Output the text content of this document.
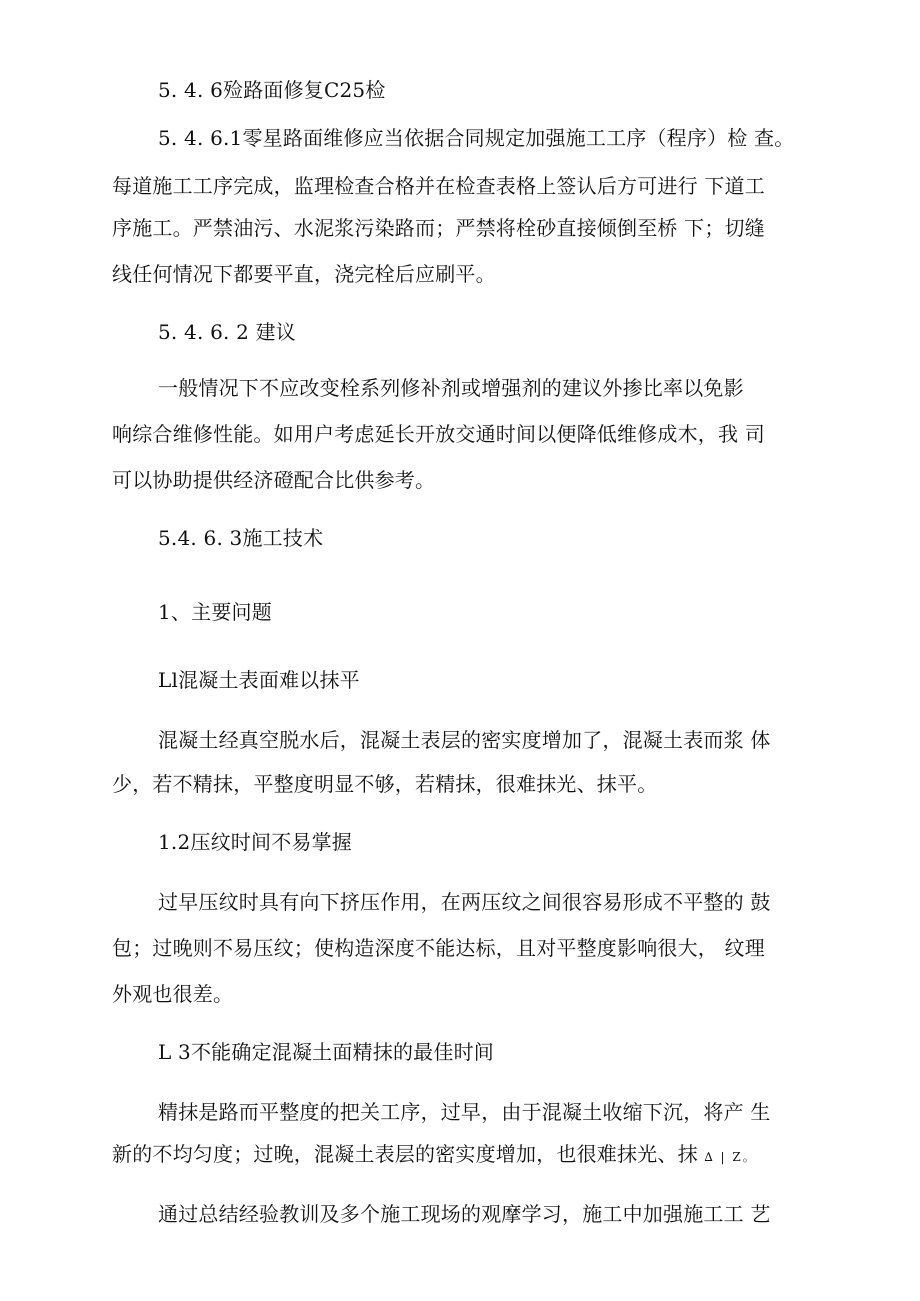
5. 4. 6殓路面修复C25检
5. 4. 6.1零星路面维修应当依据合同规定加强施工工序（程序）检 查。
每道施工工序完成，监理检查合格并在检查表格上签认后方可进行 下道工
序施工。严禁油污、水泥浆污染路而；严禁将栓砂直接倾倒至桥 下；切缝
线任何情况下都要平直，浇完栓后应刷平。
5. 4. 6. 2 建议
一般情况下不应改变栓系列修补剂或增强剂的建议外掺比率以免影
响综合维修性能。如用户考虑延长开放交通时间以便降低维修成木，我 司
可以协助提供经济磴配合比供参考。
5.4. 6. 3施工技术
1、主要问题
Ll混凝土表面难以抹平
混凝土经真空脱水后，混凝土表层的密实度增加了，混凝土表而浆 体
少，若不精抹，平整度明显不够，若精抹，很难抹光、抹平。
1.2压纹时间不易掌握
过早压纹时具有向下挤压作用，在两压纹之间很容易形成不平整的 鼓
包；过晚则不易压纹；使构造深度不能达标，且对平整度影响很大， 纹理
外观也很差。
L 3不能确定混凝土面精抹的最佳时间
精抹是路而平整度的把关工序，过早，由于混凝土收缩下沉，将产 生
新的不均匀度；过晚，混凝土表层的密实度增加，也很难抹光、抹 ∆ | Z。
通过总结经验教训及多个施工现场的观摩学习，施工中加强施工工 艺
